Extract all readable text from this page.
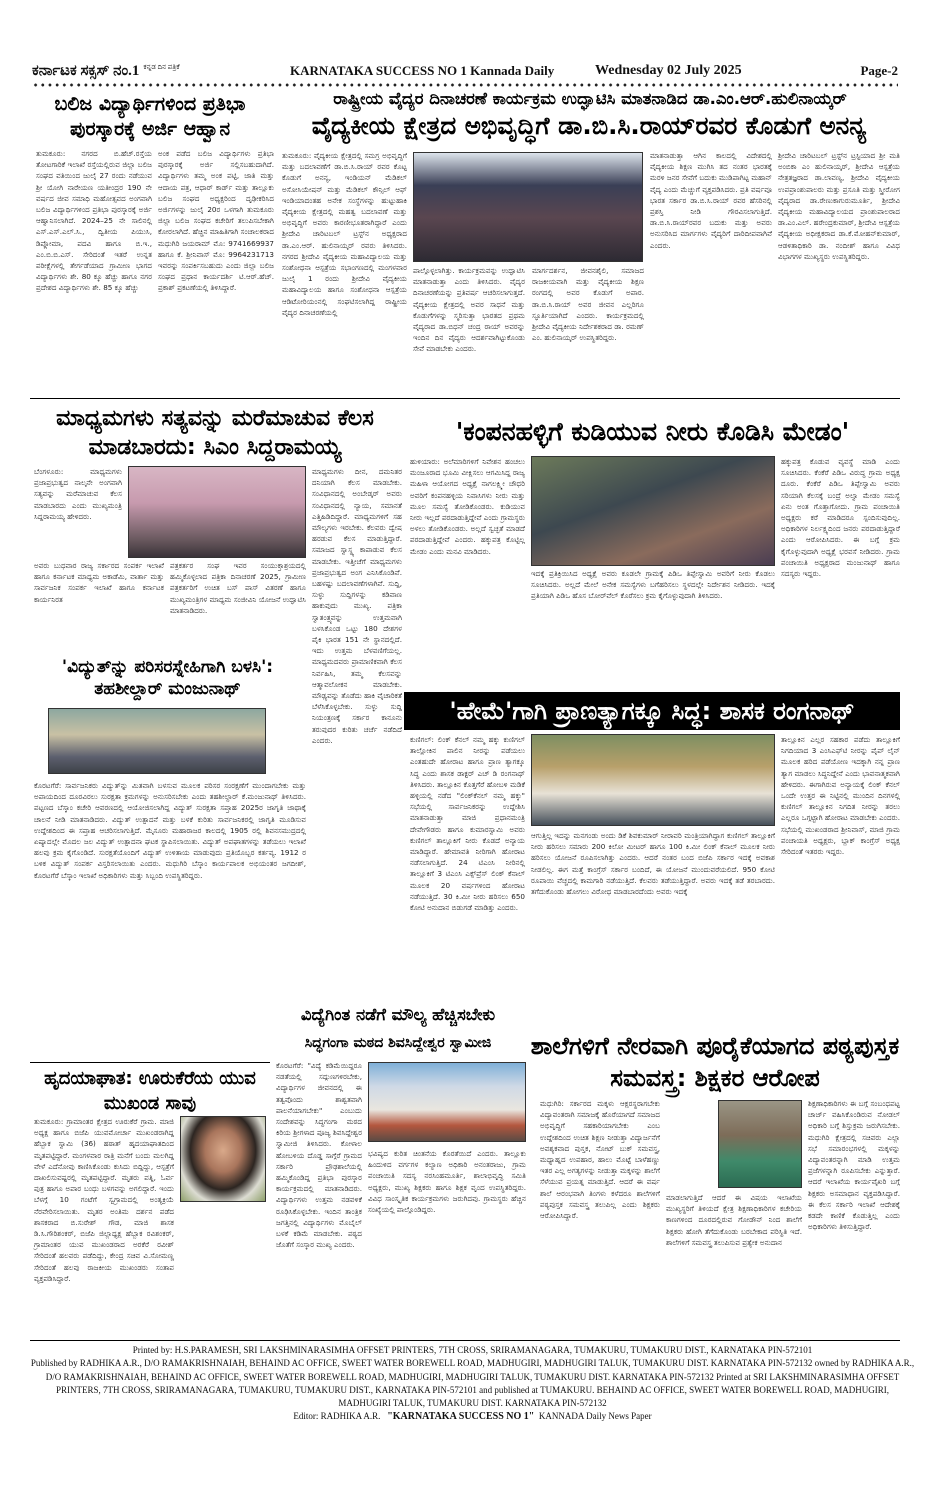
ಕರ್ನಾಟಕ ಸಕ್ಸಸ್ ನಂ.1 $^{ಕನ್ನಡ ದಿನ ಪತ್ರಿಕೆ}$	KARNATAKA SUCCESS NO 1 Kannada Daily	Wednesday 02 July 2025	Page-2
ಬಲಿಜ ವಿದ್ಯಾರ್ಥಿಗಳಿಂದ ಪ್ರತಿಭಾ ಪುರಸ್ಕಾರಕ್ಕೆ ಅರ್ಜಿ ಆಹ್ವಾನ
ತುಮಕೂರು: ನಗರದ ಬಿ.ಹೆಚ್.ರಸ್ತೆಯ ತೋಟಗಾರಿಕೆ ಇಲಾಖೆ ರಸ್ತೆಯಲ್ಲಿರುವ ಜಿಲ್ಲಾ ಬಲಿಜ ಸಂಘದ ವತಿಯಿಂದ ಜುಲೈ 27 ರಂದು ನಡೆಯುವ ಶ್ರೀ ಯೋಗಿ ನಾರೇಯಣ ಯತೀಂದ್ರರ 190 ನೇ ವರ್ಷದ ಜೀವ ಸಮಾಧಿ ಮಹೋತ್ಸವದ ಅಂಗವಾಗಿ ಬಲಿಜ ವಿದ್ಯಾರ್ಥಿಗಳಿಂದ ಪ್ರತಿಭಾ ಪುರಸ್ಕಾರಕ್ಕೆ ಅರ್ಜಿ ಆಹ್ವಾನಿಸಲಾಗಿದೆ. 2024–25 ನೇ ಸಾಲಿನಲ್ಲಿ ಎಸ್.ಎಸ್.ಎಲ್.ಸಿ., ದ್ವಿತೀಯ ಪಿಯುಸಿ, ಡಿಪ್ಲೋಮಾ, ಪದವಿ ಹಾಗೂ ಬಿ.ಇ., ಎಂ.ಬಿ.ಬಿ.ಎಸ್. ಸೇರಿದಂತೆ ಇತರೆ ಉನ್ನತ ಪರೀಕ್ಷೆಗಳಲ್ಲಿ ತೇರ್ಗಡೆಯಾದ ಗ್ರಾಮೀಣ ಭಾಗದ ವಿದ್ಯಾರ್ಥಿಗಳು ಶೇ. 80 ಕ್ಕೂ ಹೆಚ್ಚು ಹಾಗೂ ನಗರ ಪ್ರದೇಶದ ವಿದ್ಯಾರ್ಥಿಗಳು ಶೇ. 85 ಕ್ಕೂ ಹೆಚ್ಚು
ಅಂಕ ಪಡೆದ ಬಲಿಜ ವಿದ್ಯಾರ್ಥಿಗಳು ಪ್ರತಿಭಾ ಪುರಸ್ಕಾರಕ್ಕೆ ಅರ್ಜಿ ಸಲ್ಲಿಸಬಹುದಾಗಿದೆ. ವಿದ್ಯಾರ್ಥಿಗಳು ತಮ್ಮ ಅಂಕ ಪಟ್ಟಿ, ಜಾತಿ ಮತ್ತು ಆದಾಯ ಪತ್ರ, ಆಧಾರ್ ಕಾರ್ಡ್ ಮತ್ತು ತಾಲ್ಲೂಕು ಬಲಿಜ ಸಂಘದ ಅಧ್ಯಕ್ಷರಿಂದ ದೃಢೀಕರಿಸಿದ ಅರ್ಜಿಗಳನ್ನು ಜುಲೈ 20ರ ಒಳಗಾಗಿ ತುಮಕೂರು ಜಿಲ್ಲಾ ಬಲಿಜ ಸಂಘದ ಕಚೇರಿಗೆ ತಲುಪಿಸಬೇಕಾಗಿ ಕೋರಲಾಗಿದೆ. ಹೆಚ್ಚಿನ ಮಾಹಿತಿಗಾಗಿ ಸಂಚಾಲಕರಾದ ಮಧುಗಿರಿ ಜಯರಾಮ್ ಮೊ: 9741669937 ಹಾಗೂ ಕೆ. ಶ್ರೀನಿವಾಸ್ ಮೊ: 9964231713 ಇವರನ್ನು ಸಂಪರ್ಕಿಸಬಹುದು ಎಂದು ಜಿಲ್ಲಾ ಬಲಿಜ ಸಂಘದ ಪ್ರಧಾನ ಕಾರ್ಯದರ್ಶಿ ಟಿ.ಆರ್.ಹೆಚ್. ಪ್ರಕಾಶ್ ಪ್ರಕಟಣೆಯಲ್ಲಿ ತಿಳಿಸಿದ್ದಾರೆ.
ರಾಷ್ಟ್ರೀಯ ವೈದ್ಯರ ದಿನಾಚರಣೆ ಕಾರ್ಯಕ್ರಮ ಉದ್ಘಾಟಿಸಿ ಮಾತನಾಡಿದ ಡಾ.ಎಂ.ಆರ್.ಹುಲಿನಾಯ್ಕರ್
ವೈದ್ಯಕೀಯ ಕ್ಷೇತ್ರದ ಅಭಿವೃದ್ಧಿಗೆ ಡಾ.ಬಿ.ಸಿ.ರಾಯ್‌ರವರ ಕೊಡುಗೆ ಅನನ್ಯ
ತುಮಕೂರು: ವೈದ್ಯಕೀಯ ಕ್ಷೇತ್ರದಲ್ಲಿ ಸಮಗ್ರ ಅಭಿವೃದ್ಧಿಗೆ ಮತ್ತು ಬದಲಾವಣೆಗೆ ಡಾ.ಬಿ.ಸಿ.ರಾಯ್ ರವರ ಕೊಟ್ಟ ಕೊಡುಗೆ ಅನನ್ಯ, ಇಂಡಿಯನ್ ಮೆಡಿಕಲ್ ಅಸೋಸಿಯೇಷನ್ ಮತ್ತು ಮೆಡಿಕಲ್ ಕೌನ್ಸಿಲ್ ಆಫ್ ಇಂಡಿಯಾದಂತಹ ಅನೇಕ ಸಂಸ್ಥೆಗಳನ್ನು ಹುಟ್ಟುಹಾಕಿ ವೈದ್ಯಕೀಯ ಕ್ಷೇತ್ರದಲ್ಲಿ ಮಹತ್ವ ಬದಲಾವಣೆ ಮತ್ತು ಅಭಿವೃದ್ಧಿಗೆ ಅವರು ಕಾರಣೀಭೂತರಾಗಿದ್ದಾರೆ ಎಂದು ಶ್ರೀದೇವಿ ಚಾರಿಟಬಲ್ ಟ್ರಸ್ಟ್‌ನ ಅಧ್ಯಕ್ಷರಾದ ಡಾ.ಎಂ.ಆರ್. ಹುಲಿನಾಯ್ಕರ್ ರವರು ತಿಳಿಸಿದರು. ನಗರದ ಶ್ರೀದೇವಿ ವೈದ್ಯಕೀಯ ಮಹಾವಿದ್ಯಾಲಯ ಮತ್ತು ಸಂಶೋಧನಾ ಆಸ್ಪತ್ರೆಯ ಸಭಾಂಗಣದಲ್ಲಿ ಮಂಗಳವಾರ ಜುಲೈ 1 ರಂದು ಶ್ರೀದೇವಿ ವೈದ್ಯಕೀಯ ಮಹಾವಿದ್ಯಾಲಯ ಹಾಗೂ ಸಂಶೋಧನಾ ಆಸ್ಪತ್ರೆಯ ಆಡಿಟೋರಿಯಂನಲ್ಲಿ ಸಂಘಟಿಸಲಾಗಿದ್ದ ರಾಷ್ಟ್ರೀಯ ವೈದ್ಯರ ದಿನಾಚರಣೆಯಲ್ಲಿ
ಪಾಲ್ಗೊಳ್ಳಲಾಗಿತ್ತು. ಕಾರ್ಯಕ್ರಮವನ್ನು ಉದ್ಘಾಟಿಸಿ ಮಾತನಾಡುತ್ತಾ ಎಂದು ತಿಳಿಸಿದರು. ವೈದ್ಯರ ದಿನಾಚರಣೆಯನ್ನು ಪ್ರತಿವರ್ಷ ಆಚರಿಸಲಾಗುತ್ತದೆ. ವೈದ್ಯಕೀಯ ಕ್ಷೇತ್ರದಲ್ಲಿ ಅವರ ಸಾಧನೆ ಮತ್ತು ಕೊಡುಗೆಗಳನ್ನು ಸ್ಮರಿಸುತ್ತಾ ಭಾರತದ ಪ್ರಥಮ ವೈದ್ಯರಾದ ಡಾ.ಬಿಧನ್ ಚಂದ್ರ ರಾಯ್ ಅವರನ್ನು ಇಂದಿನ ದಿನ ವೈದ್ಯರು ಆದರ್ಶವಾಗಿಟ್ಟುಕೊಂಡು ಸೇವೆ ಮಾಡಬೇಕು ಎಂದರು.
ಮಾರ್ಗದರ್ಶನ, ಜೀವನಶೈಲಿ, ಸಮಾಜದ ರಾಜಕೀಯವಾಗಿ ಮತ್ತು ವೈದ್ಯಕೀಯ ಶಿಕ್ಷಣ ರಂಗದಲ್ಲಿ ಅವರ ಕೊಡುಗೆ ಅಪಾರ. ಡಾ.ಬಿ.ಸಿ.ರಾಯ್ ಅವರ ಜೀವನ ಎಲ್ಲರಿಗೂ ಸ್ಫೂರ್ತಿಯಾಗಿದೆ ಎಂದರು. ಕಾರ್ಯಕ್ರಮದಲ್ಲಿ ಶ್ರೀದೇವಿ ವೈದ್ಯಕೀಯ ನಿರ್ದೇಶಕರಾದ ಡಾ. ರಮಣ್ ಎಂ. ಹುಲಿನಾಯ್ಕರ್ ಉಪಸ್ಥಿತರಿದ್ದರು.
ಮಾತನಾಡುತ್ತಾ ಆಗಿನ ಕಾಲದಲ್ಲಿ ವಿದೇಶದಲ್ಲಿ ವೈದ್ಯಕೀಯ ಶಿಕ್ಷಣ ಮುಗಿಸಿ ತದ ನಂತರ ಭಾರತಕ್ಕೆ ಮರಳಿ ಜನರ ಸೇವೆಗೆ ಬದುಕು ಮುಡಿಪಾಗಿಟ್ಟ ಮಹಾನ್ ವೈದ್ಯ ಎಂದು ಮೆಚ್ಚುಗೆ ವ್ಯಕ್ತಪಡಿಸಿದರು. ಪ್ರತಿ ವರ್ಷವೂ ಭಾರತ ಸರ್ಕಾರ ಡಾ.ಬಿ.ಸಿ.ರಾಯ್ ರವರ ಹೆಸರಿನಲ್ಲಿ ಪ್ರಶಸ್ತಿ ನೀಡಿ ಗೌರವಿಸಲಾಗುತ್ತಿದೆ. ಡಾ.ಬಿ.ಸಿ.ರಾಯ್‌ರವರ ಬದುಕು ಮತ್ತು ಅವರು ಅನುಸರಿಸಿದ ಮಾರ್ಗಗಳು ವೈದ್ಯರಿಗೆ ದಾರಿದೀಪವಾಗಿವೆ ಎಂದರು.
ಶ್ರೀದೇವಿ ಚಾರಿಟಬಲ್ ಟ್ರಸ್ಟ್‌ನ ಟ್ರಸ್ಟಿಯಾದ ಶ್ರೀ ಮತಿ ಅಂಬಿಕಾ ಎಂ ಹುಲಿನಾಯ್ಕರ್, ಶ್ರೀದೇವಿ ಆಸ್ಪತ್ರೆಯ ನೇತ್ರತಜ್ಞರಾದ ಡಾ.ಲಾವಣ್ಯ, ಶ್ರೀದೇವಿ ವೈದ್ಯಕೀಯ ಉಪಪ್ರಾಂಶುಪಾಲರು ಮತ್ತು ಪ್ರಸೂತಿ ಮತ್ತು ಸ್ತ್ರೀರೋಗ ವೈದ್ಯರಾದ ಡಾ.ರೇಣುಕಾಗುರುಮೂರ್ತಿ, ಶ್ರೀದೇವಿ ವೈದ್ಯಕೀಯ ಮಹಾವಿದ್ಯಾಲಯದ ಪ್ರಾಂಶುಪಾಲರಾದ ಡಾ.ಎಂ.ಎಲ್. ಹರೇಂದ್ರಕುಮಾರ್, ಶ್ರೀದೇವಿ ಆಸ್ಪತ್ರೆಯ ವೈದ್ಯಕೀಯ ಅಧೀಕ್ಷಕರಾದ ಡಾ.ಕೆ.ಮೋಹನ್‌ಕುಮಾರ್, ಆಡಳಿತಾಧಿಕಾರಿ ಡಾ. ನಂದೀಶ್ ಹಾಗೂ ವಿವಿಧ ವಿಭಾಗಗಳ ಮುಖ್ಯಸ್ಥರು ಉಪಸ್ಥಿತರಿದ್ದರು.
ಮಾಧ್ಯಮಗಳು ಸತ್ಯವನ್ನು ಮರೆಮಾಚುವ ಕೆಲಸ ಮಾಡಬಾರದು: ಸಿಎಂ ಸಿದ್ದರಾಮಯ್ಯ
ಬೆಂಗಳೂರು: ಮಾಧ್ಯಮಗಳು ಪ್ರಜಾಪ್ರಭುತ್ವದ ನಾಲ್ಕನೇ ಅಂಗವಾಗಿ ಸತ್ಯವನ್ನು ಮರೆಮಾಚುವ ಕೆಲಸ ಮಾಡಬಾರದು ಎಂದು ಮುಖ್ಯಮಂತ್ರಿ ಸಿದ್ದರಾಮಯ್ಯ ಹೇಳಿದರು.
ಅವರು ಬುಧವಾರ ರಾಜ್ಯ ಸರ್ಕಾರದ ಸಂಪರ್ಕ ಇಲಾಖೆ ಹಾಗೂ ಕರ್ನಾಟಕ ಮಾಧ್ಯಮ ಅಕಾಡೆಮಿ, ವಾರ್ತಾ ಮತ್ತು ಸಾರ್ವಜನಿಕ ಸಂಪರ್ಕ ಇಲಾಖೆ ಹಾಗೂ ಕರ್ನಾಟಕ ಕಾರ್ಯನಿರತ
ಪತ್ರಕರ್ತರ ಸಂಘ ಇವರ ಸಂಯುಕ್ತಾಶ್ರಯದಲ್ಲಿ ಹಮ್ಮಿಕೊಳ್ಳಲಾದ ಪತ್ರಿಕಾ ದಿನಾಚರಣೆ 2025, ಗ್ರಾಮೀಣ ಪತ್ರಕರ್ತರಿಗೆ ಉಚಿತ ಬಸ್ ಪಾಸ್ ವಿತರಣೆ ಹಾಗೂ ಮುಖ್ಯಮಂತ್ರಿಗಳ ಮಾಧ್ಯಮ ಸಂಜೀವಿನಿ ಯೋಜನೆ ಉದ್ಘಾಟಿಸಿ ಮಾತನಾಡಿದರು.
ಮಾಧ್ಯಮಗಳು ದೀನ, ದಮನಿತರ ದನಿಯಾಗಿ ಕೆಲಸ ಮಾಡಬೇಕು. ಸಂವಿಧಾನದಲ್ಲಿ ಅಂಬೇಡ್ಕರ್ ಅವರು ಸಂವಿಧಾನದಲ್ಲಿ ನ್ಯಾಯ, ಸಮಾನತೆ ಎತ್ತಿಹಿಡಿದಿದ್ದಾರೆ. ಮಾಧ್ಯಮಗಳಿಗೆ ಸಹ ಮೌಲ್ಯಗಳು ಇರಬೇಕು. ಕೆಲವರು ದ್ವೇಷ ಹರಡುವ ಕೆಲಸ ಮಾಡುತ್ತಿದ್ದಾರೆ. ಸಮಾಜದ ಸ್ವಾಸ್ಥ್ಯ ಕಾಪಾಡುವ ಕೆಲಸ ಮಾಡಬೇಕು. ಇತ್ತೀಚೆಗೆ ಮಾಧ್ಯಮಗಳು ಪ್ರಜಾಪ್ರಭುತ್ವದ ಅಂಗ ಎನಿಸಿಕೊಂಡಿವೆ. ಬಹಳಷ್ಟು ಬದಲಾವಣೆಗಳಾಗಿವೆ. ಸುದ್ದಿ, ಸುಳ್ಳು ಸುದ್ದಿಗಳನ್ನು ಕಡಿವಾಣ ಹಾಕುವುದು ಮುಖ್ಯ. ಪತ್ರಿಕಾ ಸ್ವಾತಂತ್ರ್ಯವನ್ನು ಉತ್ತಮವಾಗಿ ಬಳಸಿಕೊಂಡ ಒಟ್ಟು 180 ದೇಶಗಳ ಪೈಕಿ ಭಾರತ 151 ನೇ ಸ್ಥಾನದಲ್ಲಿದೆ. ಇದು ಉತ್ತಮ ಬೆಳವಣಿಗೆಯಲ್ಲ. ಮಾಧ್ಯಮದವರು ಪ್ರಾಮಾಣಿಕವಾಗಿ ಕೆಲಸ ನಿರ್ವಹಿಸಿ, ತಮ್ಮ ಕೆಲಸವನ್ನು ಆತ್ಮಾವಲೋಕನ ಮಾಡಬೇಕು. ಮೌಢ್ಯವನ್ನು ತೊಡೆದು ಹಾಕಿ ವೈಚಾರಿಕತೆ ಬೆಳೆಸಿಕೊಳ್ಳಬೇಕು. ಸುಳ್ಳು ಸುದ್ದಿ ನಿಯಂತ್ರಣಕ್ಕೆ ಸರ್ಕಾರ ಕಾನೂನು ತರುವುದರ ಕುರಿತು ಚರ್ಚೆ ನಡೆದಿದೆ ಎಂದರು.
'ವಿದ್ಯುತ್‌ನ್ನು ಪರಿಸರಸ್ನೇಹಿಗಾಗಿ ಬಳಸಿ': ತಹಶೀಲ್ದಾರ್ ಮಂಜುನಾಥ್
ಕೊರಟಗೆರೆ: ಸಾರ್ವಜನಿಕರು ವಿದ್ಯುತ್‌ನ್ನು ಮಿತವಾಗಿ ಬಳಸುವ ಮೂಲಕ ಪರಿಸರ ಸಂರಕ್ಷಣೆಗೆ ಮುಂದಾಗಬೇಕು ಮತ್ತು ಅಪಾಯದಿಂದ ದೂರವಿರಲು ಸುರಕ್ಷತಾ ಕ್ರಮಗಳನ್ನು ಅನುಸರಿಸಬೇಕು ಎಂದು ತಹಶೀಲ್ದಾರ್ ಕೆ.ಮಂಜುನಾಥ್ ತಿಳಿಸಿದರು. ಪಟ್ಟಣದ ಬೆಸ್ಕಾಂ ಕಚೇರಿ ಆವರಣದಲ್ಲಿ ಆಯೋಜಿಸಲಾಗಿದ್ದ ವಿದ್ಯುತ್ ಸುರಕ್ಷತಾ ಸಪ್ತಾಹ 2025ರ ಜಾಗೃತಿ ಜಾಥಾಕ್ಕೆ ಚಾಲನೆ ನೀಡಿ ಮಾತನಾಡಿದರು. ವಿದ್ಯುತ್ ಉತ್ಪಾದನೆ ಮತ್ತು ಬಳಕೆ ಕುರಿತು ಸಾರ್ವಜನಿಕರಲ್ಲಿ ಜಾಗೃತಿ ಮೂಡಿಸುವ ಉದ್ದೇಶದಿಂದ ಈ ಸಪ್ತಾಹ ಆಚರಿಸಲಾಗುತ್ತಿದೆ. ಮೈಸೂರು ಮಹಾರಾಜರ ಕಾಲದಲ್ಲಿ 1905 ರಲ್ಲಿ ಶಿವನಸಮುದ್ರದಲ್ಲಿ ಏಷ್ಯಾದಲ್ಲೇ ಮೊದಲ ಜಲ ವಿದ್ಯುತ್ ಉತ್ಪಾದನಾ ಘಟಕ ಸ್ಥಾಪಿಸಲಾಯಿತು. ವಿದ್ಯುತ್ ಅಪಘಾತಗಳನ್ನು ತಡೆಯಲು ಇಲಾಖೆ ಹಲವು ಕ್ರಮ ಕೈಗೊಂಡಿದೆ. ಸುರಕ್ಷತೆಯೊಂದಿಗೆ ವಿದ್ಯುತ್ ಉಳಿತಾಯ ಮಾಡುವುದು ಪ್ರತಿಯೊಬ್ಬರ ಕರ್ತವ್ಯ. 1912 ರ ಬಳಿಕ ವಿದ್ಯುತ್ ಸಂಪರ್ಕ ವಿಸ್ತರಿಸಲಾಯಿತು ಎಂದರು. ಮಧುಗಿರಿ ಬೆಸ್ಕಾಂ ಕಾರ್ಯಪಾಲಕ ಅಭಿಯಂತರ ಜಗದೀಶ್, ಕೊರಟಗೆರೆ ಬೆಸ್ಕಾಂ ಇಲಾಖೆ ಅಧಿಕಾರಿಗಳು ಮತ್ತು ಸಿಬ್ಬಂದಿ ಉಪಸ್ಥಿತರಿದ್ದರು.
ಹೃದಯಾಘಾತ: ಊರುಕೆರೆಯ ಯುವ ಮುಖಂಡ ಸಾವು
ತುಮಕೂರು: ಗ್ರಾಮಾಂತರ ಕ್ಷೇತ್ರದ ಊರುಕೆರೆ ಗ್ರಾಮ. ಮಾಜಿ ಅಧ್ಯಕ್ಷ ಹಾಗೂ ಬಿಜೆಪಿ ಯುವಮೋರ್ಚಾ ಮುಖಂಡರಾಗಿದ್ದ ಹೆಬ್ಬಾಕ ಸ್ವಾಮಿ (36) ಹಠಾತ್ ಹೃದಯಾಘಾತದಿಂದ ಮೃತಪಟ್ಟಿದ್ದಾರೆ. ಮಂಗಳವಾರ ರಾತ್ರಿ ಮನೆಗೆ ಬಂದು ಮಲಗಿದ್ದ ವೇಳೆ ಎದೆನೋವು ಕಾಣಿಸಿಕೊಂಡು ಕುಸಿದು ಬಿದ್ದಿದ್ದು, ಆಸ್ಪತ್ರೆಗೆ ದಾಖಲಿಸುವಷ್ಟರಲ್ಲಿ ಮೃತಪಟ್ಟಿದ್ದಾರೆ. ಮೃತರು ಪತ್ನಿ, ಓರ್ವ ಪುತ್ರ ಹಾಗೂ ಅಪಾರ ಬಂಧು ಬಳಗವನ್ನು ಅಗಲಿದ್ದಾರೆ. ಇಂದು ಬೆಳಗ್ಗೆ 10 ಗಂಟೆಗೆ ಸ್ವಗ್ರಾಮದಲ್ಲಿ ಅಂತ್ಯಕ್ರಿಯೆ ನೆರವೇರಿಸಲಾಯಿತು. ಮೃತರ ಅಂತಿಮ ದರ್ಶನ ಪಡೆದ ಶಾಸಕರಾದ ಬಿ.ಸುರೇಶ್ ಗೌಡ, ಮಾಜಿ ಶಾಸಕ ಡಿ.ಸಿ.ಗೌರಿಶಂಕರ್, ಬಿಜೆಪಿ ಜಿಲ್ಲಾಧ್ಯಕ್ಷ ಹೆಬ್ಬಾಕ ರವಿಶಂಕರ್, ಗ್ರಾಮಾಂತರ ಯುವ ಮುಖಂಡರಾದ ಅರಕೆರೆ ರವೀಶ್ ಸೇರಿದಂತೆ ಹಲವರು ಪಡೆದಿದ್ದು, ಕೇಂದ್ರ ಸಚಿವ ವಿ.ಸೋಮಣ್ಣ ಸೇರಿದಂತೆ ಹಲವು ರಾಜಕೀಯ ಮುಖಂಡರು ಸಂತಾಪ ವ್ಯಕ್ತಪಡಿಸಿದ್ದಾರೆ.
'ಕಂಪನಹಳ್ಳಿಗೆ ಕುಡಿಯುವ ನೀರು ಕೊಡಿಸಿ ಮೇಡಂ'
ಹುಳಿಯಾರು: ಅಲೆಮಾರಿಗಳಿಗೆ ನಿವೇಶನ ಹಂಚಲು ಮಂಜೂರಾದ ಭೂಮಿ ವೀಕ್ಷಿಸಲು ಆಗಮಿಸಿದ್ದ ರಾಜ್ಯ ಮಹಿಳಾ ಆಯೋಗದ ಅಧ್ಯಕ್ಷೆ ನಾಗಲಕ್ಷ್ಮೀ ಚೌಧರಿ ಅವರಿಗೆ ಕಂಪನಹಳ್ಳಿಯ ನಿವಾಸಿಗಳು ನೀರು ಮತ್ತು ಮೂಲ ಸಮಸ್ಯೆ ತೋಡಿಕೊಂಡರು. ಕುಡಿಯುವ ನೀರು ಇಲ್ಲದೆ ಪರದಾಡುತ್ತಿದ್ದೇವೆ ಎಂದು ಗ್ರಾಮಸ್ಥರು ಅಳಲು ತೋಡಿಕೊಂಡರು. ಅಲ್ಲದೆ ಸ್ವಚ್ಛತೆ ಮಾಡದೆ ಪರದಾಡುತ್ತಿದ್ದೇವೆ ಎಂದರು. ಹಕ್ಕುಪತ್ರ ಕೊಟ್ಟಿಲ್ಲ ಮೇಡಂ ಎಂದು ಮನವಿ ಮಾಡಿದರು.
ಇದಕ್ಕೆ ಪ್ರತಿಕ್ರಿಯಿಸಿದ ಅಧ್ಯಕ್ಷೆ ಅವರು ಕೂಡಲೇ ಗ್ರಾಮಕ್ಕೆ ಪಿಡಿಒ ತಿಪ್ಪೇಸ್ವಾಮಿ ಅವರಿಗೆ ನೀರು ಕೊಡಲು ಸೂಚಿಸಿದರು. ಅಲ್ಲದೆ ಮೇಲೆ ಅನೇಕ ಸಮಸ್ಯೆಗಳು ಬಗೆಹರಿಸಲು ಸ್ಥಳದಲ್ಲೇ ನಿರ್ದೇಶನ ನೀಡಿದರು. ಇದಕ್ಕೆ ಪ್ರತಿಯಾಗಿ ಪಿಡಿಒ ಹೊಸ ಬೋರ್‌ವೆಲ್ ಕೊರೆಸಲು ಕ್ರಮ ಕೈಗೊಳ್ಳುವುದಾಗಿ ತಿಳಿಸಿದರು.
ಹಕ್ಕುಪತ್ರ ಕೊಡುವ ವ್ಯವಸ್ಥೆ ಮಾಡಿ ಎಂದು ಸೂಚಿಸಿದರು. ಕೆಂಕೆರೆ ಪಿಡಿಒ ವಿರುದ್ಧ ಗ್ರಾಮ ಅಧ್ಯಕ್ಷ ದೂರು. ಕೆಂಕೆರೆ ಪಿಡಿಒ ತಿಪ್ಪೇಸ್ವಾಮಿ ಅವರು ಸರಿಯಾಗಿ ಕೆಲಸಕ್ಕೆ ಬಂದ್ರೆ ಅಲ್ವಾ ಮೇಡಂ ಸಮಸ್ಯೆ ಏನು ಅಂತ ಗೊತ್ತಾಗೋದು. ಗ್ರಾಮ ಪಂಚಾಯಿತಿ ಅಧ್ಯಕ್ಷರು ಕರೆ ಮಾಡಿದರೂ ಸ್ಪಂದಿಸುವುದಿಲ್ಲ. ಅಧಿಕಾರಿಗಳ ನಿರ್ಲಕ್ಷ್ಯದಿಂದ ಜನರು ಪರದಾಡುತ್ತಿದ್ದಾರೆ ಎಂದು ಆರೋಪಿಸಿದರು. ಈ ಬಗ್ಗೆ ಕ್ರಮ ಕೈಗೊಳ್ಳುವುದಾಗಿ ಅಧ್ಯಕ್ಷೆ ಭರವಸೆ ನೀಡಿದರು. ಗ್ರಾಮ ಪಂಚಾಯಿತಿ ಅಧ್ಯಕ್ಷರಾದ ಮಂಜುನಾಥ್ ಹಾಗೂ ಸದಸ್ಯರು ಇದ್ದರು.
'ಹೇಮೆ'ಗಾಗಿ ಪ್ರಾಣತ್ಯಾಗಕ್ಕೂ ಸಿದ್ಧ: ಶಾಸಕ ರಂಗನಾಥ್
ಕುಣಿಗಲ್: ಲಿಂಕ್ ಕೆನಲ್ ನಮ್ಮ ಹಕ್ಕು ಕುಣಿಗಲ್ ತಾಲ್ಲೋಕಿನ ಪಾಲಿನ ನೀರನ್ನು ಪಡೆಯಲು ಎಂತಹುದೇ ಹೋರಾಟ ಹಾಗೂ ಪ್ರಾಣ ತ್ಯಾಗಕ್ಕೂ ಸಿದ್ಧ ಎಂದು ಶಾಸಕ ಡಾಕ್ಟರ್ ಎಚ್ ಡಿ ರಂಗನಾಥ್ ತಿಳಿಸಿದರು. ತಾಲ್ಲೂಕಿನ ಕೊತ್ತಗೆರೆ ಹೋಬಳಿ ಮಡಿಕೆ ಹಳ್ಳಿಯಲ್ಲಿ ನಡೆದ "ಲಿಂಕ್‌ಕೆನಲ್ ನಮ್ಮ ಹಕ್ಕು" ಸಭೆಯಲ್ಲಿ ಸಾರ್ವಜನಿಕರನ್ನು ಉದ್ದೇಶಿಸಿ ಮಾತನಾಡುತ್ತಾ ಮಾಜಿ ಪ್ರಧಾನಮಂತ್ರಿ ದೇವೇಗೌಡರು ಹಾಗೂ ಕುಮಾರಸ್ವಾಮಿ ಅವರು ಕುಣಿಗಲ್ ತಾಲ್ಲೂಕಿಗೆ ನೀರು ಕೊಡದೆ ಅನ್ಯಾಯ ಮಾಡಿದ್ದಾರೆ. ಹೇಮಾವತಿ ನೀರಿಗಾಗಿ ಹೋರಾಟ ನಡೆಸಲಾಗುತ್ತಿದೆ. 24 ಟಿಎಂಸಿ ನೀರಿನಲ್ಲಿ ತಾಲ್ಲೂಕಿಗೆ 3 ಟಿಎಂಸಿ ಎಕ್ಸ್‌ಪ್ರೆಸ್ ಲಿಂಕ್ ಕೆನಾಲ್ ಮೂಲಕ 20 ವರ್ಷಗಳಿಂದ ಹೋರಾಟ ನಡೆಯುತ್ತಿದೆ. 30 ಕಿ.ಮೀ ನೀರು ಹರಿಸಲು 650 ಕೋಟಿ ಅನುದಾನ ಬಿಡುಗಡೆ ಮಾಡಿತ್ತು ಎಂದರು.
ಆಗುತ್ತಿಲ್ಲ ಇದನ್ನು ಮನಗಂಡು ಅಂದು ಡಿಕೆ ಶಿವಕುಮಾರ್ ನೀರಾವರಿ ಮಂತ್ರಿಯಾಗಿದ್ದಾಗ ಕುಣಿಗಲ್ ತಾಲ್ಲೂಕಿಗೆ ನೀರು ಹರಿಸಲು ಸಮಾರು 200 ಕಿಲೋ ಮೀಟರ್ ಹಾಗೂ 100 ಕಿ.ಮೀ ಲಿಂಕ್ ಕೆನಾಲ್ ಮೂಲಕ ನೀರು ಹರಿಸಲು ಯೋಜನೆ ರೂಪಿಸಲಾಗಿತ್ತು ಎಂದರು. ಆದರೆ ನಂತರ ಬಂದ ಬಿಜೆಪಿ ಸರ್ಕಾರ ಇದಕ್ಕೆ ಅವಕಾಶ ನೀಡಲಿಲ್ಲ. ಈಗ ಮತ್ತೆ ಕಾಂಗ್ರೆಸ್ ಸರ್ಕಾರ ಬಂದಿದೆ, ಈ ಯೋಜನೆ ಮುಂದುವರೆಯಲಿದೆ. 950 ಕೋಟಿ ರೂಪಾಯಿ ವೆಚ್ಚದಲ್ಲಿ ಕಾಮಗಾರಿ ನಡೆಯುತ್ತಿದೆ. ಕೆಲವರು ತಡೆಯುತ್ತಿದ್ದಾರೆ. ಅವರು ಇದಕ್ಕೆ ತಡೆ ತರಬಾರದು. ತಗೆದುಕೊಂಡು ಹೋಗಲು ವಿರೋಧ ಮಾಡಬಾರದೆಂದು ಅವರು ಇದಕ್ಕೆ
ತಾಲ್ಲೂಕಿನ ಎಲ್ಲರ ಸಹಕಾರ ಪಡೆದು ತಾಲ್ಲೂಕಿಗೆ ನಿಗದಿಯಾದ 3 ಎಂಸಿಎಫ್‌ಟಿ ನೀರನ್ನು ಪೈಪ್ ಲೈನ್ ಮೂಲಕ ಹರಿದ ಪಡೆಯೋಣ ಇದಕ್ಕಾಗಿ ನನ್ನ ಪ್ರಾಣ ತ್ಯಾಗ ಮಾಡಲು ಸಿದ್ಧನಿದ್ದೇನೆ ಎಂದು ಭಾವನಾತ್ಮಕವಾಗಿ ಹೇಳಿದರು. ಈಗಾಗಿರುವ ಅನ್ಯಾಯಕ್ಕೆ ಲಿಂಕ್ ಕೆನಲ್ ಒಂದೇ ಉತ್ತರ ಈ ನಿಟ್ಟಿನಲ್ಲಿ ಮುಂದಿನ ದಿನಗಳಲ್ಲಿ ಕುಣಿಗಲ್ ತಾಲ್ಲೂಕಿನ ನಿಗದಿತ ನೀರನ್ನು ತರಲು ಎಲ್ಲರೂ ಒಗ್ಗಟ್ಟಾಗಿ ಹೋರಾಟ ಮಾಡಬೇಕು ಎಂದರು. ಸಭೆಯಲ್ಲಿ ಮುಖಂಡರಾದ ಶ್ರೀನಿವಾಸ್, ಮಾಜಿ ಗ್ರಾಮ ಪಂಚಾಯತಿ ಅಧ್ಯಕ್ಷರು, ಬ್ಲಾಕ್ ಕಾಂಗ್ರೆಸ್ ಅಧ್ಯಕ್ಷ ಸೇರಿದಂತೆ ಇತರರು ಇದ್ದರು.
ವಿದ್ಯೆಗಿಂತ ನಡೆಗೆ ಮೌಲ್ಯ ಹೆಚ್ಚಿಸಬೇಕು
ಸಿದ್ಧಗಂಗಾ ಮಠದ ಶಿವಸಿದ್ದೇಶ್ವರ ಸ್ವಾಮೀಜಿ
ಕೊರಟಗೆರೆ: "ವಿದ್ಯೆ ಕಡಿಮೆಯಿದ್ದರೂ ನಡತೆಯಲ್ಲಿ ಸದ್ಗುಣಗಳಿರಬೇಕು, ವಿದ್ಯಾರ್ಥಿಗಳ ಜೀವನದಲ್ಲಿ ಈ ತತ್ವವೊಂದು ಶಾಶ್ವತವಾಗಿ ಪಾಲನೆಯಾಗಬೇಕು" ಎಂಬುದು ಸಂದೇಶವನ್ನು ಸಿದ್ಧಗಂಗಾ ಮಠದ ಕಿರಿಯ ಶ್ರೀಗಳಾದ ಪೂಜ್ಯ ಶಿವಸಿದ್ದೇಶ್ವರ ಸ್ವಾಮೀಜಿ ತಿಳಿಸಿದರು. ಕೋಳಾಲ ಹೋಬಳಿಯ ದೊಡ್ಡ ಸಾಗ್ಗೆರೆ ಗ್ರಾಮದ ಸರ್ಕಾರಿ ಪ್ರೌಢಶಾಲೆಯಲ್ಲಿ ಹಮ್ಮಿಕೊಂಡಿದ್ದ ಪ್ರತಿಭಾ ಪುರಸ್ಕಾರ ಕಾರ್ಯಕ್ರಮದಲ್ಲಿ ಮಾತನಾಡಿದರು. ವಿದ್ಯಾರ್ಥಿಗಳು ಉತ್ತಮ ನಡವಳಿಕೆ ರೂಢಿಸಿಕೊಳ್ಳಬೇಕು. ಇಂದಿನ ತಾಂತ್ರಿಕ ಜಗತ್ತಿನಲ್ಲಿ ವಿದ್ಯಾರ್ಥಿಗಳು ಮೊಬೈಲ್ ಬಳಕೆ ಕಡಿಮೆ ಮಾಡಬೇಕು. ಪಠ್ಯದ ಜೊತೆಗೆ ಸಂಸ್ಕಾರ ಮುಖ್ಯ ಎಂದರು.
ಭವಿಷ್ಯದ ಕುರಿತ ಚಿಂತನೆಯ ಕೊರತೆಯಿದೆ ಎಂದರು. ತಾಲ್ಲೂಕು ಹಿಂದುಳಿದ ವರ್ಗಗಳ ಕಲ್ಯಾಣ ಅಧಿಕಾರಿ ಅನಂತರಾಜು, ಗ್ರಾಮ ಪಂಚಾಯಿತಿ ಸದಸ್ಯ ನರಸಿಂಹಮೂರ್ತಿ, ಶಾಲಾಭಿವೃದ್ಧಿ ಸಮಿತಿ ಅಧ್ಯಕ್ಷರು, ಮುಖ್ಯ ಶಿಕ್ಷಕರು ಹಾಗೂ ಶಿಕ್ಷಕ ವೃಂದ ಉಪಸ್ಥಿತರಿದ್ದರು. ವಿವಿಧ ಸಾಂಸ್ಕೃತಿಕ ಕಾರ್ಯಕ್ರಮಗಳು ಜರುಗಿದವು. ಗ್ರಾಮಸ್ಥರು ಹೆಚ್ಚಿನ ಸಂಖ್ಯೆಯಲ್ಲಿ ಪಾಲ್ಗೊಂಡಿದ್ದರು.
ಶಾಲೆಗಳಿಗೆ ನೇರವಾಗಿ ಪೂರೈಕೆಯಾಗದ ಪಠ್ಯಪುಸ್ತಕ ಸಮವಸ್ತ್ರ: ಶಿಕ್ಷಕರ ಆರೋಪ
ಮಧುಗಿರಿ: ಸರ್ಕಾರದ ಮಕ್ಕಳು ಆಕ್ಷರಸ್ಥರಾಗಬೇಕು ವಿದ್ಯಾವಂತರಾಗಿ ಸಮಾಜಕ್ಕೆ ಹೊರೆಯಾಗದೆ ಸಮಾಜದ ಅಭಿವೃದ್ಧಿಗೆ ಸಹಕಾರಿಯಾಗಬೇಕು ಎಂಬ ಉದ್ದೇಶದಿಂದ ಉಚಿತ ಶಿಕ್ಷಣ ನೀಡುತ್ತಾ ವಿದ್ಯಾರ್ಜನೆಗೆ ಅವಶ್ಯಕವಾದ ಪುಸ್ತಕ, ನೋಟ್ ಬುಕ್ ಸಮವಸ್ತ್ರ, ಮಧ್ಯಾಹ್ನದ ಉಪಹಾರ, ಹಾಲು ಮೊಟ್ಟೆ ಬಾಳೆಹಣ್ಣು ಇತರ ಎಲ್ಲ ಅಗತ್ಯಗಳನ್ನು ನೀಡುತ್ತಾ ಮಕ್ಕಳನ್ನು ಶಾಲೆಗೆ ಸೆಳೆಯುವ ಪ್ರಯತ್ನ ಮಾಡುತ್ತಿದೆ. ಆದರೆ ಈ ವರ್ಷ ಶಾಲೆ ಆರಂಭವಾಗಿ ತಿಂಗಳು ಕಳೆದರೂ ಶಾಲೆಗಳಿಗೆ ಪಠ್ಯಪುಸ್ತಕ ಸಮವಸ್ತ್ರ ತಲುಪಿಲ್ಲ ಎಂದು ಶಿಕ್ಷಕರು ಆರೋಪಿಸಿದ್ದಾರೆ.
ಮಾಡಲಾಗುತ್ತಿದೆ ಆದರೆ ಈ ವಿಷಯ ಇಲಾಖೆಯ ಮುಖ್ಯಸ್ಥರಿಗೆ ತಿಳಿಯದೆ ಕ್ಷೇತ್ರ ಶಿಕ್ಷಣಾಧಿಕಾರಿಗಳ ಕಚೇರಿಯ ಕಾಣಗಳಿಂದ ದೂರದಲ್ಲಿರುವ ಗೋಡೌನ್ ನಿಂದ ಶಾಲೆಗೆ ಶಿಕ್ಷಕರು ಹೋಗಿ ತೆಗೆದುಕೊಂಡು ಬರಬೇಕಾದ ಪರಿಸ್ಥಿತಿ ಇದೆ. ಶಾಲೆಗಳಿಗೆ ಸಮವಸ್ತ್ರ ತಲುಪಿಸುವ ಪ್ರತ್ಯೇಕ ಅನುದಾನ
ಶಿಕ್ಷಣಾಧಿಕಾರಿಗಳು ಈ ಬಗ್ಗೆ ಸಂಬಂಧಪಟ್ಟ ಚಾರ್ಜ್ ವಹಿಸಿಕೊಂಡಿರುವ ನೋಡಲ್ ಅಧಿಕಾರಿ ಬಗ್ಗೆ ಶಿಸ್ತುಕ್ರಮ ಜರುಗಿಸಬೇಕು. ಮಧುಗಿರಿ ಕ್ಷೇತ್ರದಲ್ಲಿ ಸಚಿವರು ಎಲ್ಲಾ ಸಭೆ ಸಮಾರಂಭಗಳಲ್ಲಿ ಮಕ್ಕಳನ್ನು ವಿದ್ಯಾವಂತರನ್ನಾಗಿ ಮಾಡಿ ಉತ್ತಮ ಪ್ರಜೆಗಳನ್ನಾಗಿ ರೂಪಿಸಬೇಕು ಎನ್ನುತ್ತಾರೆ. ಆದರೆ ಇಲಾಖೆಯ ಕಾರ್ಯವೈಖರಿ ಬಗ್ಗೆ ಶಿಕ್ಷಕರು ಅಸಮಾಧಾನ ವ್ಯಕ್ತಪಡಿಸಿದ್ದಾರೆ. ಈ ಕೆಲಸ ಸರ್ಕಾರಿ ಇಲಾಖೆ ಆದೇಶಕ್ಕೆ ಕಡದೇ ಕಾಣಿಕೆ ಕೊಡುತ್ತಿಲ್ಲ ಎಂದು ಅಧಿಕಾರಿಗಳು ತಿಳಿಸುತ್ತಿದ್ದಾರೆ.
Printed by: H.S.PARAMESH, SRI LAKSHMINARASIMHA OFFSET PRINTERS, 7TH CROSS, SRIRAMANAGARA, TUMAKURU, TUMAKURU DIST., KARNATAKA PIN-572101
Published by RADHIKA A.R., D/O RAMAKRISHNAIAH, BEHAIND AC OFFICE, SWEET WATER BOREWELL ROAD, MADHUGIRI, MADHUGIRI TALUK, TUMAKURU DIST. KARNATAKA PIN-572132 owned by RADHIKA A.R., D/O RAMAKRISHNAIAH, BEHAIND AC OFFICE, SWEET WATER BOREWELL ROAD, MADHUGIRI, MADHUGIRI TALUK, TUMAKURU DIST. KARNATAKA PIN-572132 Printed at SRI LAKSHMINARASIMHA OFFSET PRINTERS, 7TH CROSS, SRIRAMANAGARA, TUMAKURU, TUMAKURU DIST., KARNATAKA PIN-572101 and published at TUMAKURU. BEHAIND AC OFFICE, SWEET WATER BOREWELL ROAD, MADHUGIRI, MADHUGIRI TALUK, TUMAKURU DIST. KARNATAKA PIN-572132
Editor: RADHIKA A.R. "KARNATAKA SUCCESS NO 1" KANNADA Daily News Paper
